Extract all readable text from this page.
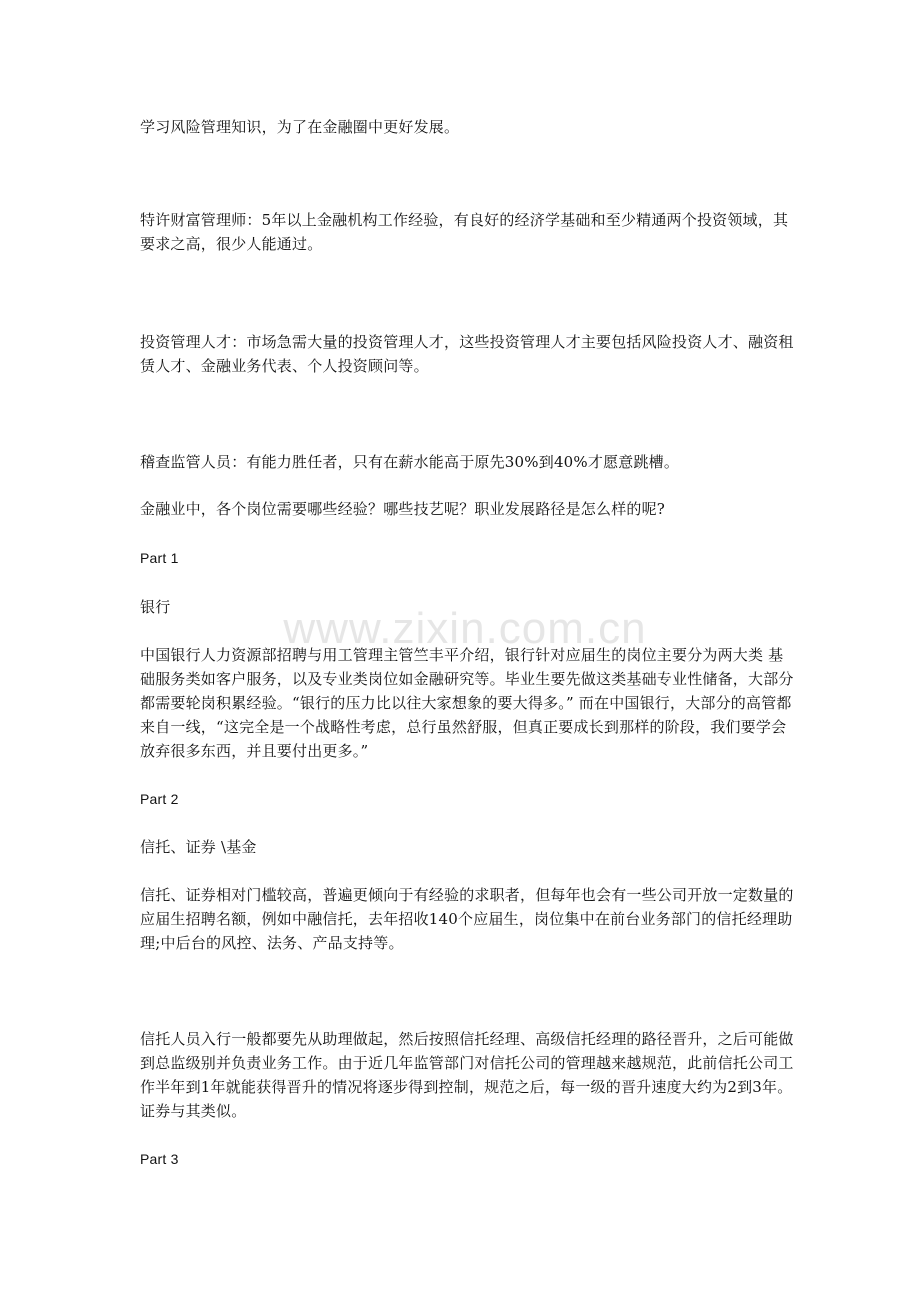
学习风险管理知识，为了在金融圈中更好发展。

特许财富管理师：5年以上金融机构工作经验，有良好的经济学基础和至少精通两个投资领域，其要求之高，很少人能通过。

投资管理人才：市场急需大量的投资管理人才，这些投资管理人才主要包括风险投资人才、融资租赁人才、金融业务代表、个人投资顾问等。

稽查监管人员：有能力胜任者，只有在薪水能高于原先30%到40%才愿意跳槽。

金融业中，各个岗位需要哪些经验？哪些技艺呢？职业发展路径是怎么样的呢?

Part 1

银行

中国银行人力资源部招聘与用工管理主管竺丰平介绍，银行针对应届生的岗位主要分为两大类 基础服务类如客户服务，以及专业类岗位如金融研究等。毕业生要先做这类基础专业性储备，大部分都需要轮岗积累经验。“银行的压力比以往大家想象的要大得多。” 而在中国银行，大部分的高管都来自一线，“这完全是一个战略性考虑，总行虽然舒服，但真正要成长到那样的阶段，我们要学会放弃很多东西，并且要付出更多。”

Part 2

信托、证券 \基金

信托、证券相对门槛较高，普遍更倾向于有经验的求职者，但每年也会有一些公司开放一定数量的应届生招聘名额，例如中融信托，去年招收140个应届生，岗位集中在前台业务部门的信托经理助理;中后台的风控、法务、产品支持等。

信托人员入行一般都要先从助理做起，然后按照信托经理、高级信托经理的路径晋升，之后可能做到总监级别并负责业务工作。由于近几年监管部门对信托公司的管理越来越规范，此前信托公司工作半年到1年就能获得晋升的情况将逐步得到控制，规范之后，每一级的晋升速度大约为2到3年。证券与其类似。

Part 3

www.zixin.com.cn
